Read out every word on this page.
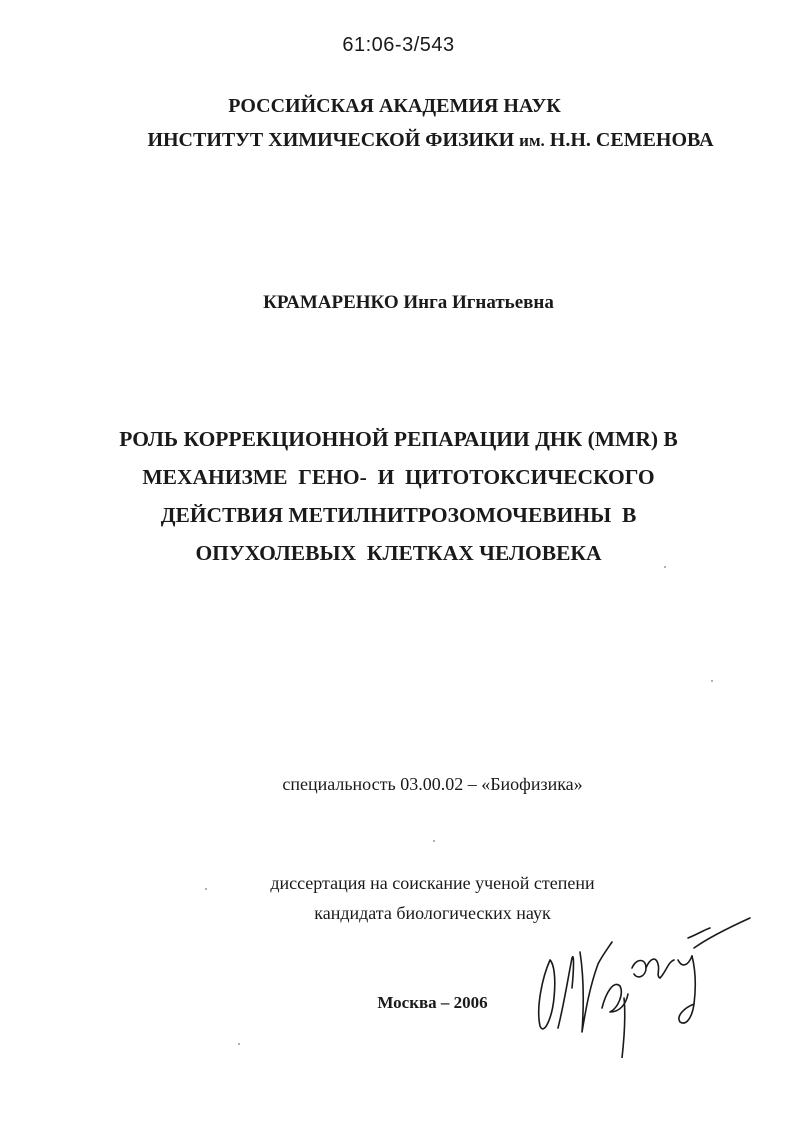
61:06-3/543
РОССИЙСКАЯ АКАДЕМИЯ НАУК
ИНСТИТУТ ХИМИЧЕСКОЙ ФИЗИКИ им. Н.Н. СЕМЕНОВА
КРАМАРЕНКО Инга Игнатьевна
РОЛЬ КОРРЕКЦИОННОЙ РЕПАРАЦИИ ДНК (MMR) В
МЕХАНИЗМЕ  ГЕНО-  И  ЦИТОТОКСИЧЕСКОГО
ДЕЙСТВИЯ МЕТИЛНИТРОЗОМОЧЕВИНЫ  В
ОПУХОЛЕВЫХ  КЛЕТКАХ ЧЕЛОВЕКА
специальность 03.00.02 – «Биофизика»
диссертация на соискание ученой степени
кандидата биологических наук
Москва – 2006
